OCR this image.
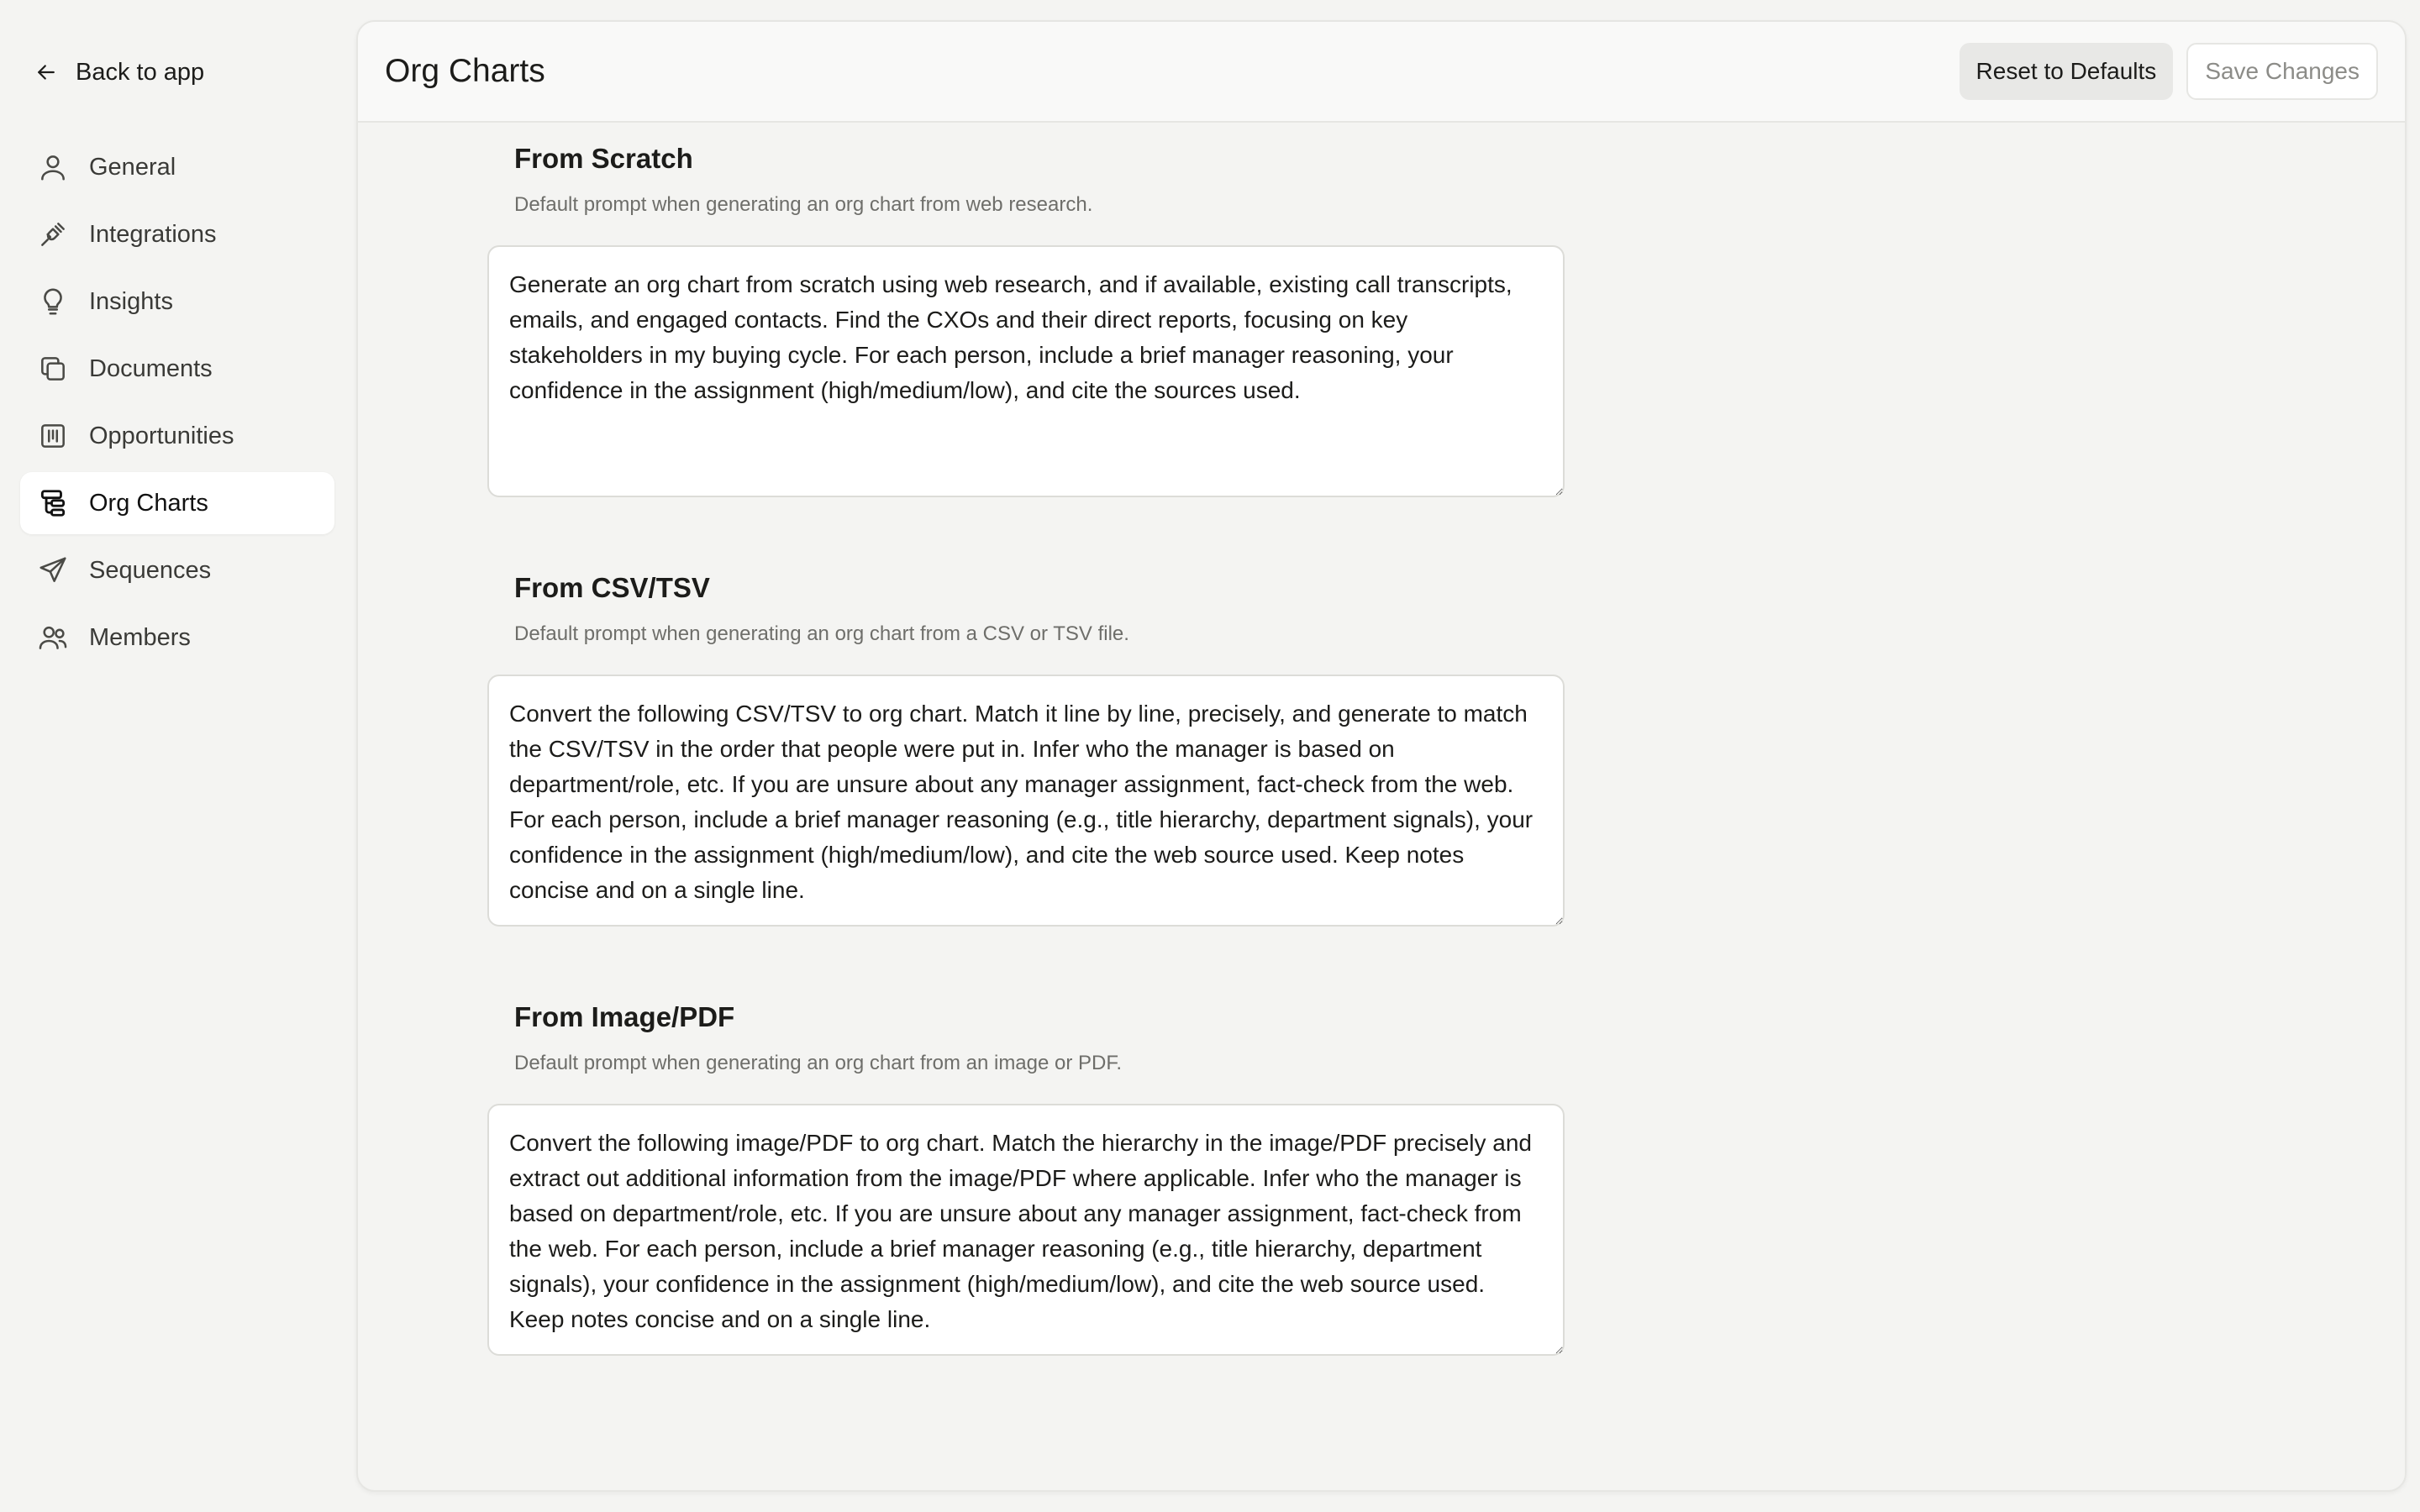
Back to app
General
Integrations
Insights
Documents
Opportunities
Org Charts
Sequences
Members
Org Charts	Reset to Defaults	Save Changes
From Scratch

Default prompt when generating an org chart from web research.

Generate an org chart from scratch using web research, and if available, existing call transcripts, emails, and engaged contacts. Find the CXOs and their direct reports, focusing on key stakeholders in my buying cycle. For each person, include a brief manager reasoning, your confidence in the assignment (high/medium/low), and cite the sources used.
From CSV/TSV

Default prompt when generating an org chart from a CSV or TSV file.

Convert the following CSV/TSV to org chart. Match it line by line, precisely, and generate to match the CSV/TSV in the order that people were put in. Infer who the manager is based on department/role, etc. If you are unsure about any manager assignment, fact-check from the web. For each person, include a brief manager reasoning (e.g., title hierarchy, department signals), your confidence in the assignment (high/medium/low), and cite the web source used. Keep notes concise and on a single line.
From Image/PDF

Default prompt when generating an org chart from an image or PDF.

Convert the following image/PDF to org chart. Match the hierarchy in the image/PDF precisely and extract out additional information from the image/PDF where applicable. Infer who the manager is based on department/role, etc. If you are unsure about any manager assignment, fact-check from the web. For each person, include a brief manager reasoning (e.g., title hierarchy, department signals), your confidence in the assignment (high/medium/low), and cite the web source used. Keep notes concise and on a single line.
